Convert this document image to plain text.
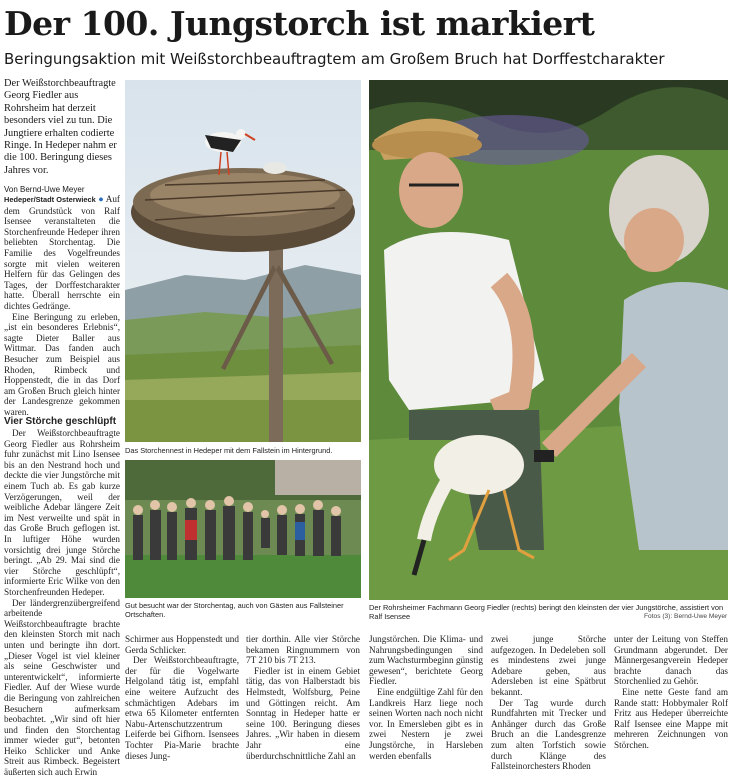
Der 100. Jungstorch ist markiert
Beringungsaktion mit Weißstorchbeauftragtem am Großem Bruch hat Dorffestcharakter
Der Weißstorchbeauftragte Georg Fiedler aus Rohrsheim hat derzeit besonders viel zu tun. Die Jungtiere erhalten codierte Ringe. In Hedeper nahm er die 100. Beringung dieses Jahres vor.
Von Bernd-Uwe Meyer

Hedeper/Stadt Osterwieck ● Auf dem Grundstück von Ralf Isensee veranstalteten die Storchenfreunde Hedeper ihren beliebten Storchentag. Die Familie des Vogelfreundes sorgte mit vielen weiteren Helfern für das Gelingen des Tages, der Dorffestcharakter hatte. Überall herrschte ein dichtes Gedränge.

Eine Beringung zu erleben, „ist ein besonderes Erlebnis“, sagte Dieter Baller aus Wittmar. Das fanden auch Besucher zum Beispiel aus Rhoden, Rimbeck und Hoppenstedt, die in das Dorf am Großen Bruch gleich hinter der Landesgrenze gekommen waren.

Vier Störche geschlüpft

Der Weißstorchbeauftragte Georg Fiedler aus Rohrsheim fuhr zunächst mit Lino Isensee bis an den Nestrand hoch und deckte die vier Jungstörche mit einem Tuch ab. Es gab kurze Verzögerungen, weil der weibliche Adebar längere Zeit im Nest verweilte und spät in das Große Bruch geflogen ist. In luftiger Höhe wurden vorsichtig drei junge Störche beringt. „Ab 29. Mai sind die vier Störche geschlüpft“, informierte Eric Wilke von den Storchenfreunden Hedeper.

Der ländergrenzübergreifend arbeitende Weißstorchbeauftragte brachte den kleinsten Storch mit nach unten und beringte ihn dort. „Dieser Vogel ist viel kleiner als seine Geschwister und unterentwickelt“, informierte Fiedler. Auf der Wiese wurde die Beringung von zahlreichen Besuchern aufmerksam beobachtet. „Wir sind oft hier und finden den Storchentag immer wieder gut“, betonten Heiko Schlicker und Anke Streit aus Rimbeck. Begeistert äußerten sich auch Erwin

Das Storchennest in Hedeper mit dem Fallstein im Hintergrund.
Gut besucht war der Storchentag, auch von Gästen aus Fallsteiner Ortschaften.
Der Rohrsheimer Fachmann Georg Fiedler (rechts) beringt den kleinsten der vier Jungstörche, assistiert von Ralf Isensee	Fotos (3): Bernd-Uwe Meyer

Schirmer aus Hoppenstedt und Gerda Schlicker.

Der Weißstorchbeauftragte, der für die Vogelwarte Helgoland tätig ist, empfahl eine weitere Aufzucht des schmächtigen Adebars im etwa 65 Kilometer entfernten Nabu-Artenschutzzentrum Leiferde bei Gifhorn. Isensees Tochter Pia-Marie brachte dieses Jung-

tier dorthin. Alle vier Störche bekamen Ringnummern von 7T 210 bis 7T 213.

Fiedler ist in einem Gebiet tätig, das von Halberstadt bis Helmstedt, Wolfsburg, Peine und Göttingen reicht. Am Sonntag in Hedeper hatte er seine 100. Beringung dieses Jahres. „Wir haben in diesem Jahr eine überdurchschnittliche Zahl an

Jungstörchen. Die Klima- und Nahrungsbedingungen sind zum Wachsturmbeginn günstig gewesen“, berichtete Georg Fiedler.

Eine endgültige Zahl für den Landkreis Harz liege noch seinen Worten nach noch nicht vor. In Emersleben gibt es in zwei Nestern je zwei Jungstörche, in Harsleben werden ebenfalls

zwei junge Störche aufgezogen. In Dedeleben soll es mindestens zwei junge Adebare geben, aus Adersleben ist eine Spätbrut bekannt.

Der Tag wurde durch Rundfahrten mit Trecker und Anhänger durch das Große Bruch an die Landesgrenze zum alten Torfstich sowie durch Klänge des Fallsteinorchesters Rhoden

unter der Leitung von Steffen Grundmann abgerundet. Der Männergesangverein Hedeper brachte danach das Storchenlied zu Gehör.

Eine nette Geste fand am Rande statt: Hobbymaler Rolf Fritz aus Hedeper überreichte Ralf Isensee eine Mappe mit mehreren Zeichnungen von Störchen.
